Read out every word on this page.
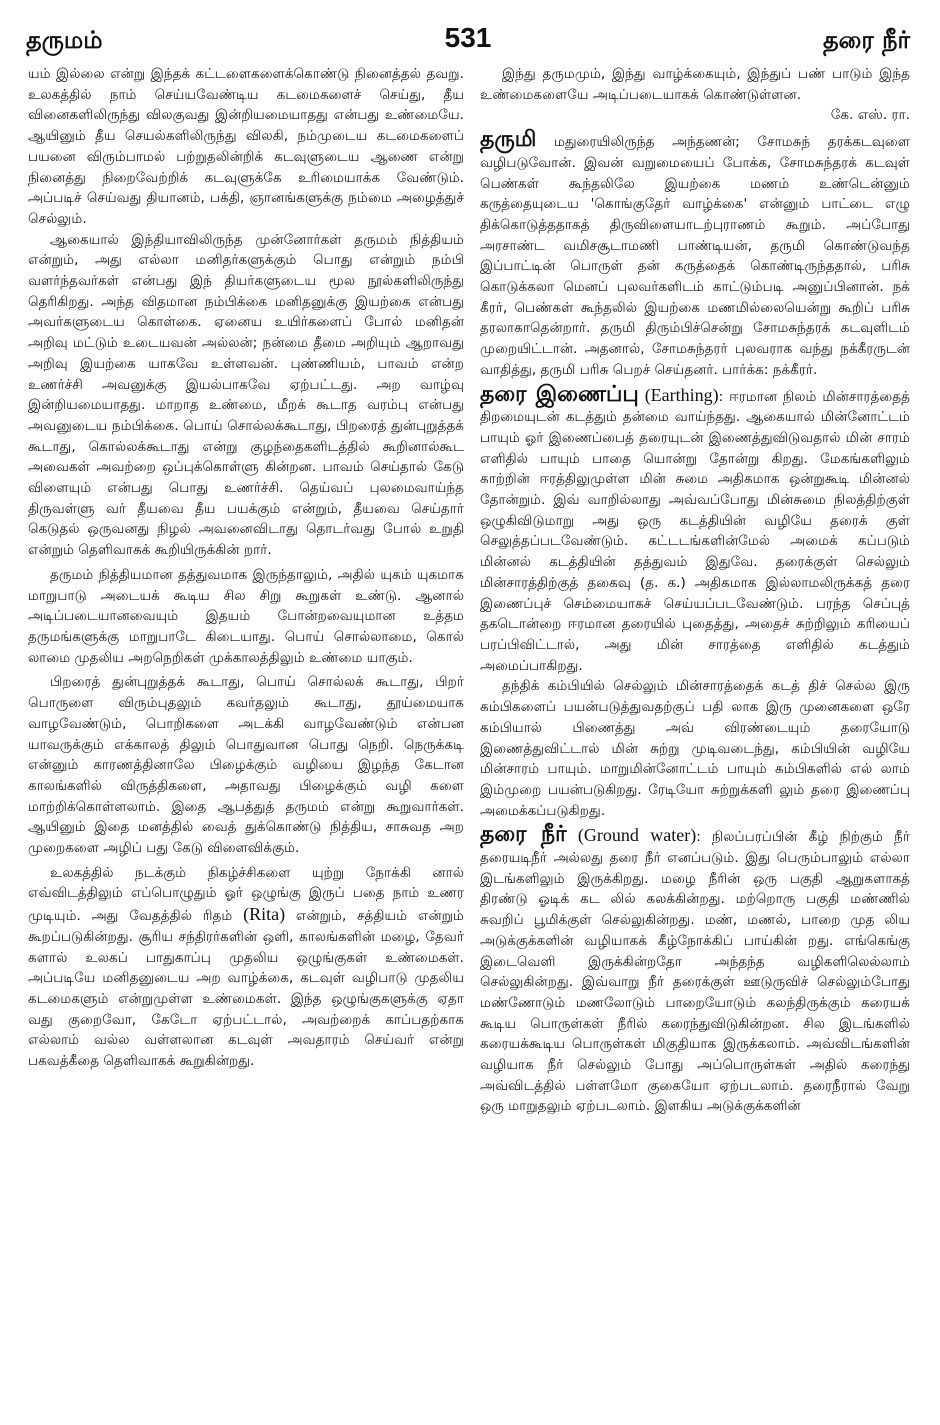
தருமம்	531	தரை நீர்

யம் இல்லை என்று இந்தக் கட்டளைகளைக்கொண்டு நினைத்தல் தவறு. உலகத்தில் நாம் செய்யவேண்டிய கடமைகளைச் செய்து, தீய வினைகளிலிருந்து விலகுவது இன்றியமையாதது என்பது உண்மையே. ஆயினும் தீய செயல்களிலிருந்து விலகி, நம்முடைய கடமைகளைப் பயனை விரும்பாமல் பற்றுதலின்றிக் கடவுளுடைய ஆணை என்று நினைத்து நிறைவேற்றிக் கடவுளுக்கே உரிமையாக்க வேண்டும். அப்படிச் செய்வது தியானம், பக்தி, ஞானங்களுக்கு நம்மை அழைத்துச் செல்லும்.

ஆகையால் இந்தியாவிலிருந்த முன்னோர்கள் தருமம் நித்தியம் என்றும், அது எல்லா மனிதர்களுக்கும் பொது என்றும் நம்பி வளர்ந்தவர்கள் என்பது இந் தியர்களுடைய மூல நூல்களிலிருந்து தெரிகிறது. அந்த விதமான நம்பிக்கை மனிதனுக்கு இயற்கை என்பது அவர்களுடைய கொள்கை. ஏனைய உயிர்களைப் போல் மனிதன் அறிவு மட்டும் உடையவன் அல்லன்; நன்மை தீமை அறியும் ஆறாவது அறிவு இயற்கை யாகவே உள்ளவன். புண்ணியம், பாவம் என்ற உணர்ச்சி அவனுக்கு இயல்பாகவே ஏற்பட்டது. அற வாழ்வு இன்றியமையாதது. மாறாத உண்மை, மீறக் கூடாத வரம்பு என்பது அவனுடைய நம்பிக்கை. பொய் சொல்லக்கூடாது, பிறரைத் துன்புறுத்தக் கூடாது, கொல்லக்கூடாது என்று குழந்தைகளிடத்தில் கூறினால்கூட அவைகள் அவற்றை ஒப்புக்கொள்ளு கின்றன. பாவம் செய்தால் கேடு விளையும் என்பது பொது உணர்ச்சி. தெய்வப் புலமைவாய்ந்த திருவள்ளு வர் தீயவை தீய பயக்கும் என்றும், தீயவை செய்தார் கெடுதல் ஒருவனது நிழல் அவனைவிடாது தொடர்வது போல் உறுதி என்றும் தெளிவாகக் கூறியிருக்கின் றார்.

தருமம் நித்தியமான தத்துவமாக இருந்தாலும், அதில் யுகம் யுகமாக மாறுபாடு அடையக் கூடிய சில சிறு கூறுகள் உண்டு. ஆனால் அடிப்படையானவையும் இதயம் போன்றவையுமான உத்தம தருமங்களுக்கு மாறுபாடே கிடையாது. பொய் சொல்லாமை, கொல் லாமை முதலிய அறநெறிகள் முக்காலத்திலும் உண்மை யாகும்.

பிறரைத் துன்புறுத்தக் கூடாது, பொய் சொல்லக் கூடாது, பிறர் பொருளை விரும்புதலும் கவர்தலும் கூடாது, தூய்மையாக வாழவேண்டும், பொறிகளை அடக்கி வாழவேண்டும் என்பன யாவருக்கும் எக்காலத் திலும் பொதுவான பொது நெறி. நெருக்கடி என்னும் காரணத்தினாலே பிழைக்கும் வழியை இழந்த கேடான காலங்களில் விருத்திகளை, அதாவது பிழைக்கும் வழி களை மாற்றிக்கொள்ளலாம். இதை ஆபத்துத் தருமம் என்று கூறுவார்கள். ஆயினும் இதை மனத்தில் வைத் துக்கொண்டு நித்திய, சாசுவத அற முறைகளை அழிப் பது கேடு விளைவிக்கும்.

உலகத்தில் நடக்கும் நிகழ்ச்சிகளை யுற்று நோக்கி னால் எவ்விடத்திலும் எப்பொழுதும் ஓர் ஒழுங்கு இருப் பதை நாம் உணர முடியும். அது வேதத்தில் ரிதம் (Rita) என்றும், சத்தியம் என்றும் கூறப்படுகின்றது. சூரிய சந்திரர்களின் ஒளி, காலங்களின் மழை, தேவர் களால் உலகப் பாதுகாப்பு முதலிய ஒழுங்குகள் உண்மைகள். அப்படியே மனிதனுடைய அற வாழ்க்கை, கடவுள் வழிபாடு முதலிய கடமைகளும் என்றுமுள்ள உண்மைகள். இந்த ஒழுங்குகளுக்கு ஏதா வது குறைவோ, கேடோ ஏற்பட்டால், அவற்றைக் காப்பதற்காக எல்லாம் வல்ல வள்ளலான கடவுள் அவதாரம் செய்வர் என்று பகவத்கீதை தெளிவாகக் கூறுகின்றது.

இந்து தருமமும், இந்து வாழ்க்கையும், இந்துப் பண் பாடும் இந்த உண்மைகளையே அடிப்படையாகக் கொண்டுள்ளன.

கே. எஸ். ரா.

தருமி மதுரையிலிருந்த அந்தணன்; சோமசுந் தரக்கடவுளை வழிபடுவோன். இவன் வறுமையைப் போக்க, சோமசுந்தரக் கடவுள் பெண்கள் கூந்தலிலே இயற்கை மணம் உண்டென்னும் கருத்தையுடைய 'கொங்குதேர் வாழ்க்கை' என்னும் பாட்டை எழு திக்கொடுத்ததாகத் திருவிளையாடற்புராணம் கூறும். அப்போது அரசாண்ட வமிசசூடாமணி பாண்டியன், தருமி கொண்டுவந்த இப்பாட்டின் பொருள் தன் கருத்தைக் கொண்டிருந்ததால், பரிசு கொடுக்கலா மெனப் புலவர்களிடம் காட்டும்படி அனுப்பினான். நக் கீரர், பெண்கள் கூந்தலில் இயற்கை மணமில்லையென்று கூறிப் பரிசு தரலாகாதென்றார். தருமி திரும்பிச்சென்று சோமசுந்தரக் கடவுளிடம் முறையிட்டான். அதனால், சோமசுந்தரர் புலவராக வந்து நக்கீரருடன் வாதித்து, தருமி பரிசு பெறச் செய்தனர். பார்க்க: நக்கீரர்.

தரை இணைப்பு (Earthing): ஈரமான நிலம் மின்சாரத்தைத் திறமையுடன் கடத்தும் தன்மை வாய்ந்தது. ஆகையால் மின்னோட்டம் பாயும் ஓர் இணைப்பைத் தரையுடன் இணைத்துவிடுவதால் மின் சாரம் எளிதில் பாயும் பாதை யொன்று தோன்று கிறது. மேகங்களிலும் காற்றின் ஈரத்திலுமுள்ள மின் சுமை அதிகமாக ஒன்றுகூடி மின்னல் தோன்றும். இவ் வாறில்லாது அவ்வப்போது மின்சுமை நிலத்திற்குள் ஒழுகிவிடுமாறு அது ஒரு கடத்தியின் வழியே தரைக் குள் செலுத்தப்படவேண்டும். கட்டடங்களின்மேல் அமைக் கப்படும் மின்னல் கடத்தியின் தத்துவம் இதுவே. தரைக்குள் செல்லும் மின்சாரத்திற்குத் தகைவு (த. க.) அதிகமாக இல்லாமலிருக்கத் தரை இணைப்புச் செம்மையாகச் செய்யப்படவேண்டும். பரந்த செப்புத் தகடொன்றை ஈரமான தரையில் புதைத்து, அதைச் சுற்றிலும் கரியைப் பரப்பிவிட்டால், அது மின் சாரத்தை எளிதில் கடத்தும் அமைப்பாகிறது.

தந்திக் கம்பியில் செல்லும் மின்சாரத்தைக் கடத் திச் செல்ல இரு கம்பிகளைப் பயன்படுத்துவதற்குப் பதி லாக இரு முனைகளை ஒரே கம்பியால் பிணைத்து அவ் விரண்டையும் தரையோடு இணைத்துவிட்டால் மின் சுற்று முடிவடைந்து, கம்பியின் வழியே மின்சாரம் பாயும். மாறுமின்னோட்டம் பாயும் கம்பிகளில் எல் லாம் இம்முறை பயன்படுகிறது. ரேடியோ சுற்றுக்களி லும் தரை இணைப்பு அமைக்கப்படுகிறது.

தரை நீர் (Ground water): நிலப்பரப்பின் கீழ் நிற்கும் நீர் தரையடிநீர் அல்லது தரை நீர் எனப்படும். இது பெரும்பாலும் எல்லா இடங்களிலும் இருக்கிறது. மழை நீரின் ஒரு பகுதி ஆறுகளாகத் திரண்டு ஓடிக் கட லில் கலக்கின்றது. மற்றொரு பகுதி மண்ணில் சுவறிப் பூமிக்குள் செல்லுகின்றது. மண், மணல், பாறை முத லிய அடுக்குக்களின் வழியாகக் கீழ்நோக்கிப் பாய்கின் றது. எங்கெங்கு இடைவெளி இருக்கின்றதோ அந்தந்த வழிகளிலெல்லாம் செல்லுகின்றது. இவ்வாறு நீர் தரைக்குள் ஊடுருவிச் செல்லும்போது மண்ணோடும் மணலோடும் பாறையோடும் கலந்திருக்கும் கரையக் கூடிய பொருள்கள் நீரில் கரைந்துவிடுகின்றன. சில இடங்களில் கரையக்கூடிய பொருள்கள் மிகுதியாக இருக்கலாம். அவ்விடங்களின் வழியாக நீர் செல்லும் போது அப்பொருள்கள் அதில் கரைந்து அவ்விடத்தில் பள்ளமோ குகையோ ஏற்படலாம். தரைநீரால் வேறு ஒரு மாறுதலும் ஏற்படலாம். இளகிய அடுக்குக்களின்
